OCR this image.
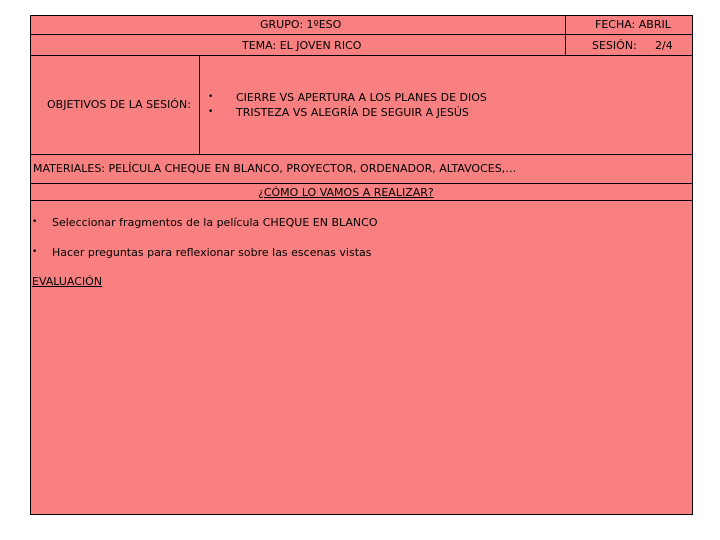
GRUPO: 1ºESO	FECHA: ABRIL
TEMA: EL JOVEN RICO	SESIÓN: 2/4
OBJETIVOS DE LA SESIÓN:
• CIERRE VS APERTURA A LOS PLANES DE DIOS
• TRISTEZA VS ALEGRÍA DE SEGUIR A JESÚS
MATERIALES: PELÍCULA CHEQUE EN BLANCO, PROYECTOR, ORDENADOR, ALTAVOCES,…
¿CÓMO LO VAMOS A REALIZAR?
• Seleccionar fragmentos de la película CHEQUE EN BLANCO
• Hacer preguntas para reflexionar sobre las escenas vistas
EVALUACIÓN
